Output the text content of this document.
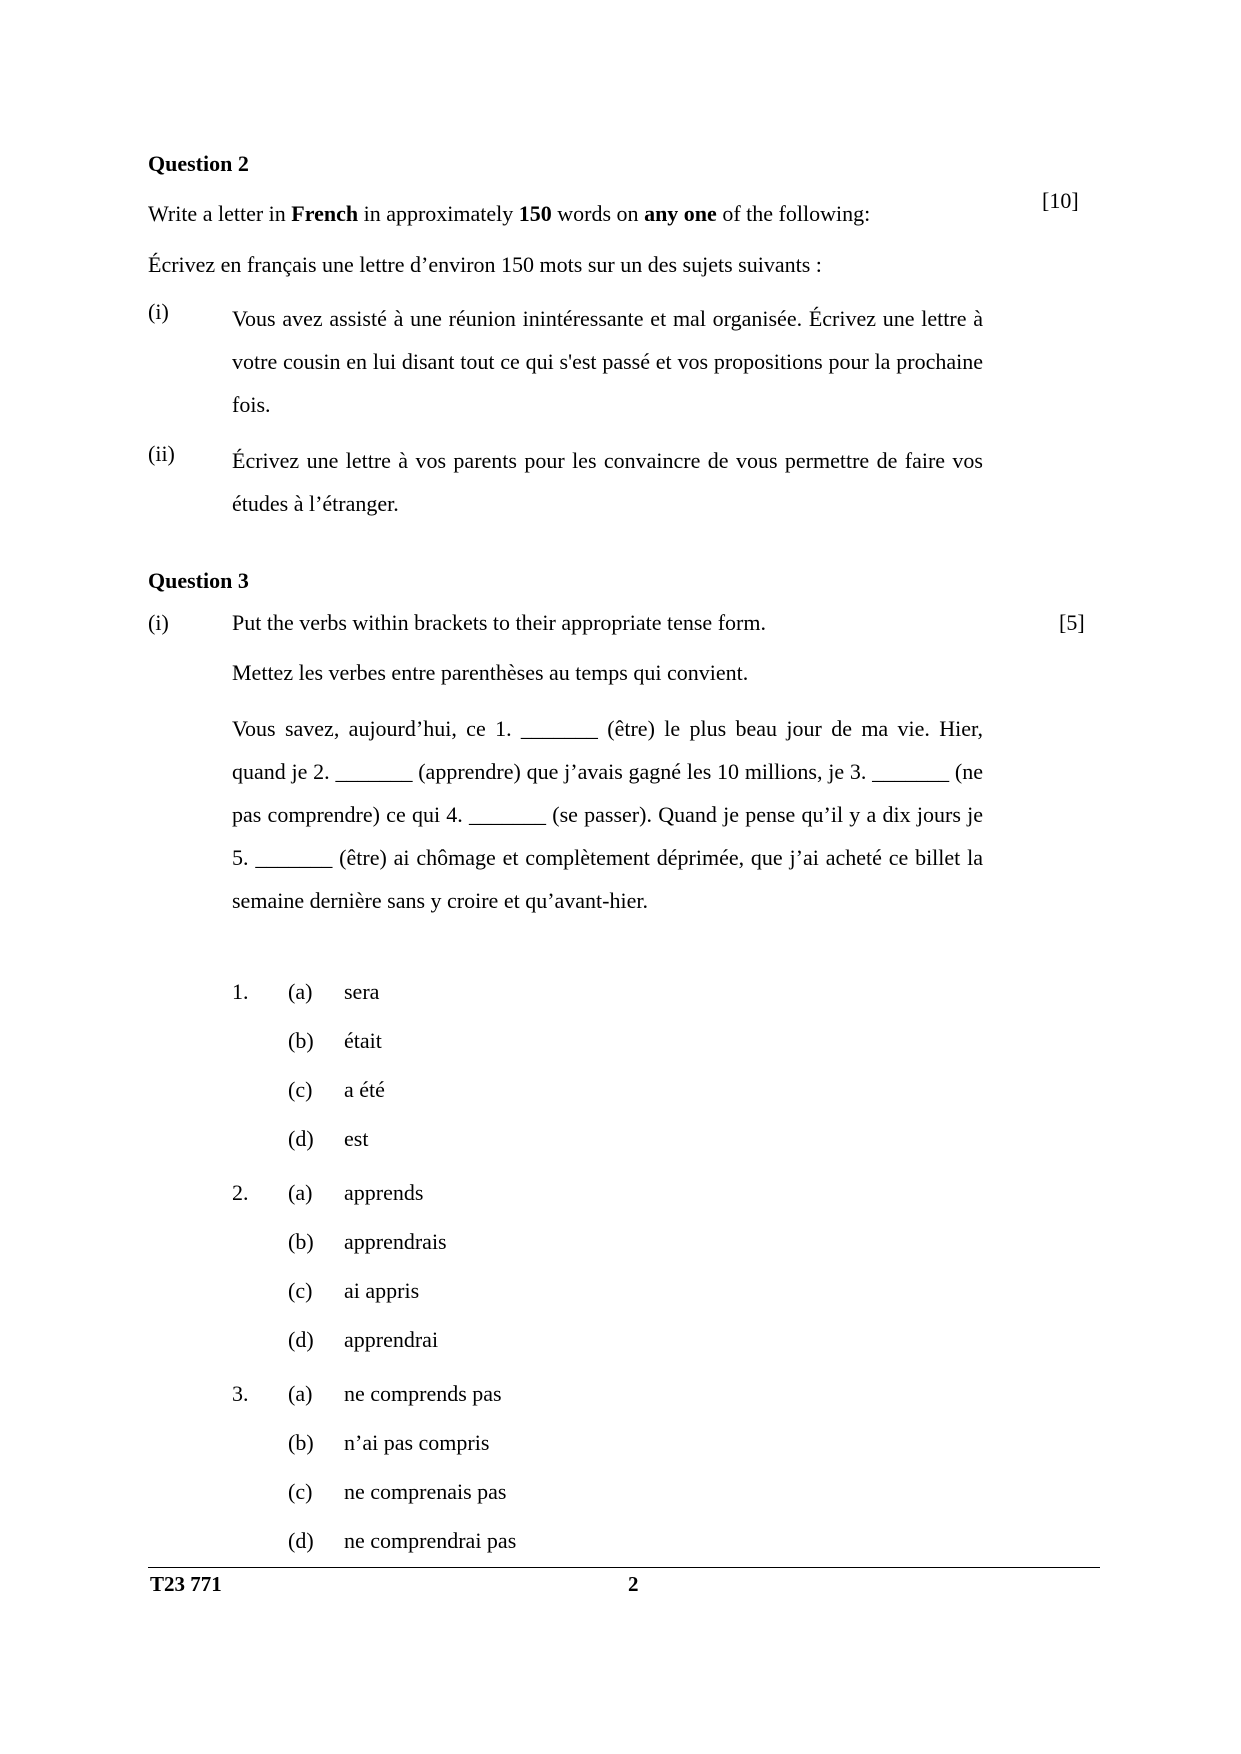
Question 2
Write a letter in French in approximately 150 words on any one of the following:
[10]
Écrivez en français une lettre d’environ 150 mots sur un des sujets suivants :
(i)	Vous avez assisté à une réunion inintéressante et mal organisée. Écrivez une lettre à votre cousin en lui disant tout ce qui s'est passé et vos propositions pour la prochaine fois.
(ii)	Écrivez une lettre à vos parents pour les convaincre de vous permettre de faire vos études à l’étranger.
Question 3
(i)	Put the verbs within brackets to their appropriate tense form.	[5]
Mettez les verbes entre parenthèses au temps qui convient.
Vous savez, aujourd’hui, ce 1. _______ (être) le plus beau jour de ma vie. Hier, quand je 2. _______ (apprendre) que j’avais gagné les 10 millions, je 3. _______ (ne pas comprendre) ce qui 4. _______ (se passer). Quand je pense qu’il y a dix jours je 5. _______ (être) ai chômage et complètement déprimée, que j’ai acheté ce billet la semaine dernière sans y croire et qu’avant-hier.
1. (a) sera
(b) était
(c) a été
(d) est
2. (a) apprends
(b) apprendrais
(c) ai appris
(d) apprendrai
3. (a) ne comprends pas
(b) n’ai pas compris
(c) ne comprenais pas
(d) ne comprendrai pas
T23 771	2
